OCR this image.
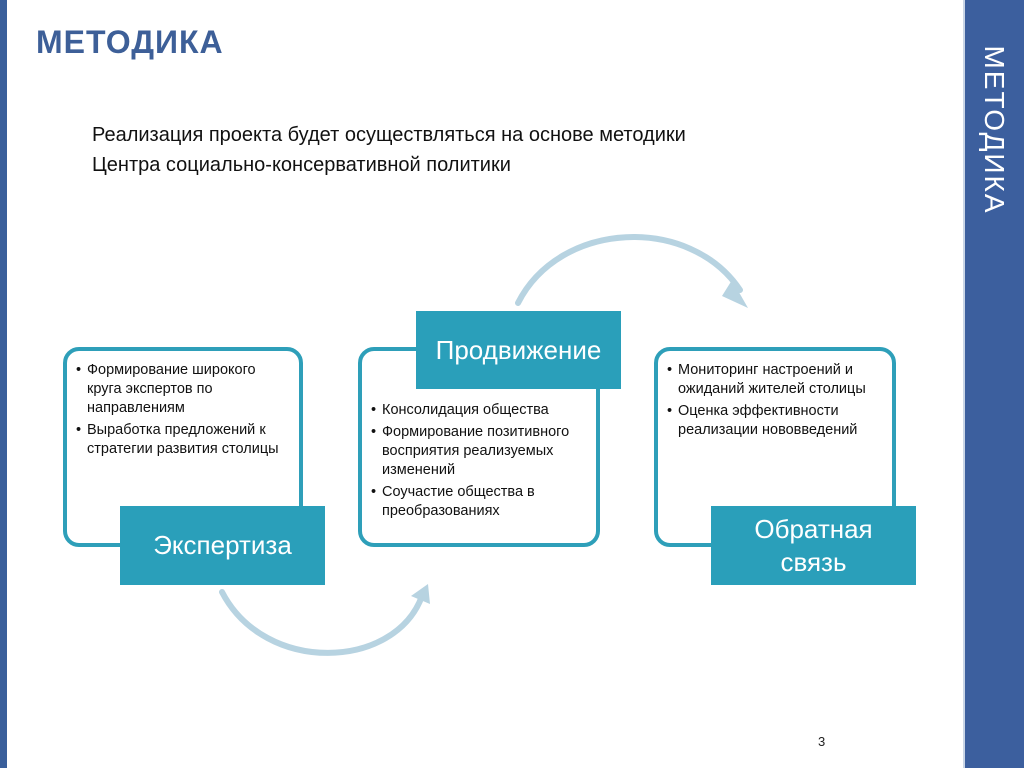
МЕТОДИКА
Реализация проекта будет осуществляться на основе методики
Центра социально-консервативной политики
• Формирование широкого круга экспертов по направлениям
• Выработка предложений к стратегии развития столицы
Экспертиза
• Консолидация общества
• Формирование позитивного восприятия реализуемых изменений
• Соучастие общества в преобразованиях
Продвижение
• Мониторинг настроений и ожиданий жителей столицы
• Оценка эффективности реализации нововведений
Обратная связь
3
МЕТОДИКА
